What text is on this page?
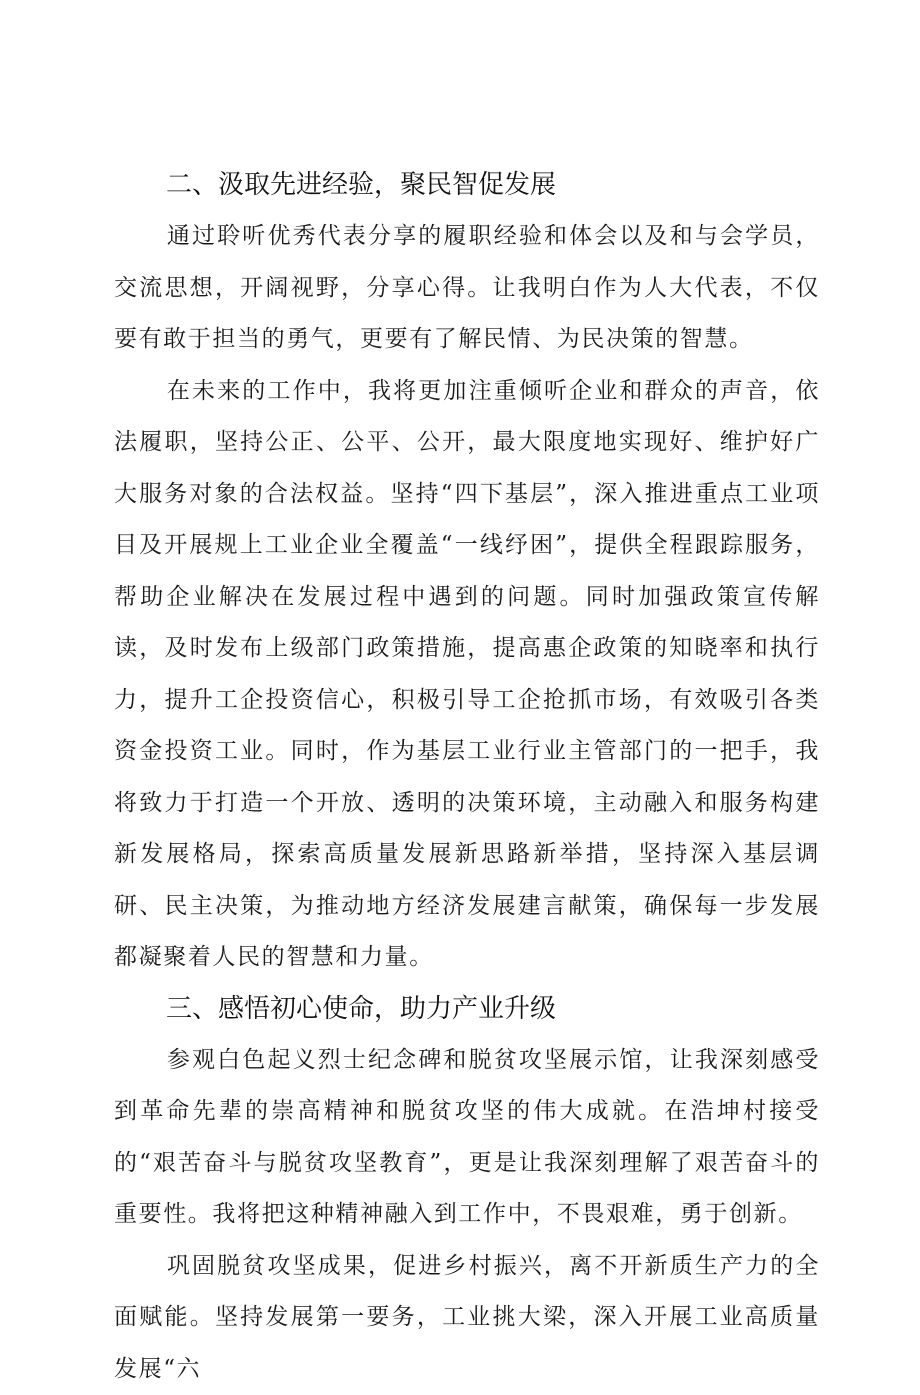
二、汲取先进经验，聚民智促发展

通过聆听优秀代表分享的履职经验和体会以及和与会学员，交流思想，开阔视野，分享心得。让我明白作为人大代表，不仅要有敢于担当的勇气，更要有了解民情、为民决策的智慧。

在未来的工作中，我将更加注重倾听企业和群众的声音，依法履职，坚持公正、公平、公开，最大限度地实现好、维护好广大服务对象的合法权益。坚持“四下基层”，深入推进重点工业项目及开展规上工业企业全覆盖“一线纾困”，提供全程跟踪服务，帮助企业解决在发展过程中遇到的问题。同时加强政策宣传解读，及时发布上级部门政策措施，提高惠企政策的知晓率和执行力，提升工企投资信心，积极引导工企抢抓市场，有效吸引各类资金投资工业。同时，作为基层工业行业主管部门的一把手，我将致力于打造一个开放、透明的决策环境，主动融入和服务构建新发展格局，探索高质量发展新思路新举措，坚持深入基层调研、民主决策，为推动地方经济发展建言献策，确保每一步发展都凝聚着人民的智慧和力量。

三、感悟初心使命，助力产业升级

参观白色起义烈士纪念碑和脱贫攻坚展示馆，让我深刻感受到革命先辈的崇高精神和脱贫攻坚的伟大成就。在浩坤村接受的“艰苦奋斗与脱贫攻坚教育”，更是让我深刻理解了艰苦奋斗的重要性。我将把这种精神融入到工作中，不畏艰难，勇于创新。

巩固脱贫攻坚成果，促进乡村振兴，离不开新质生产力的全面赋能。坚持发展第一要务，工业挑大梁，深入开展工业高质量发展“六
